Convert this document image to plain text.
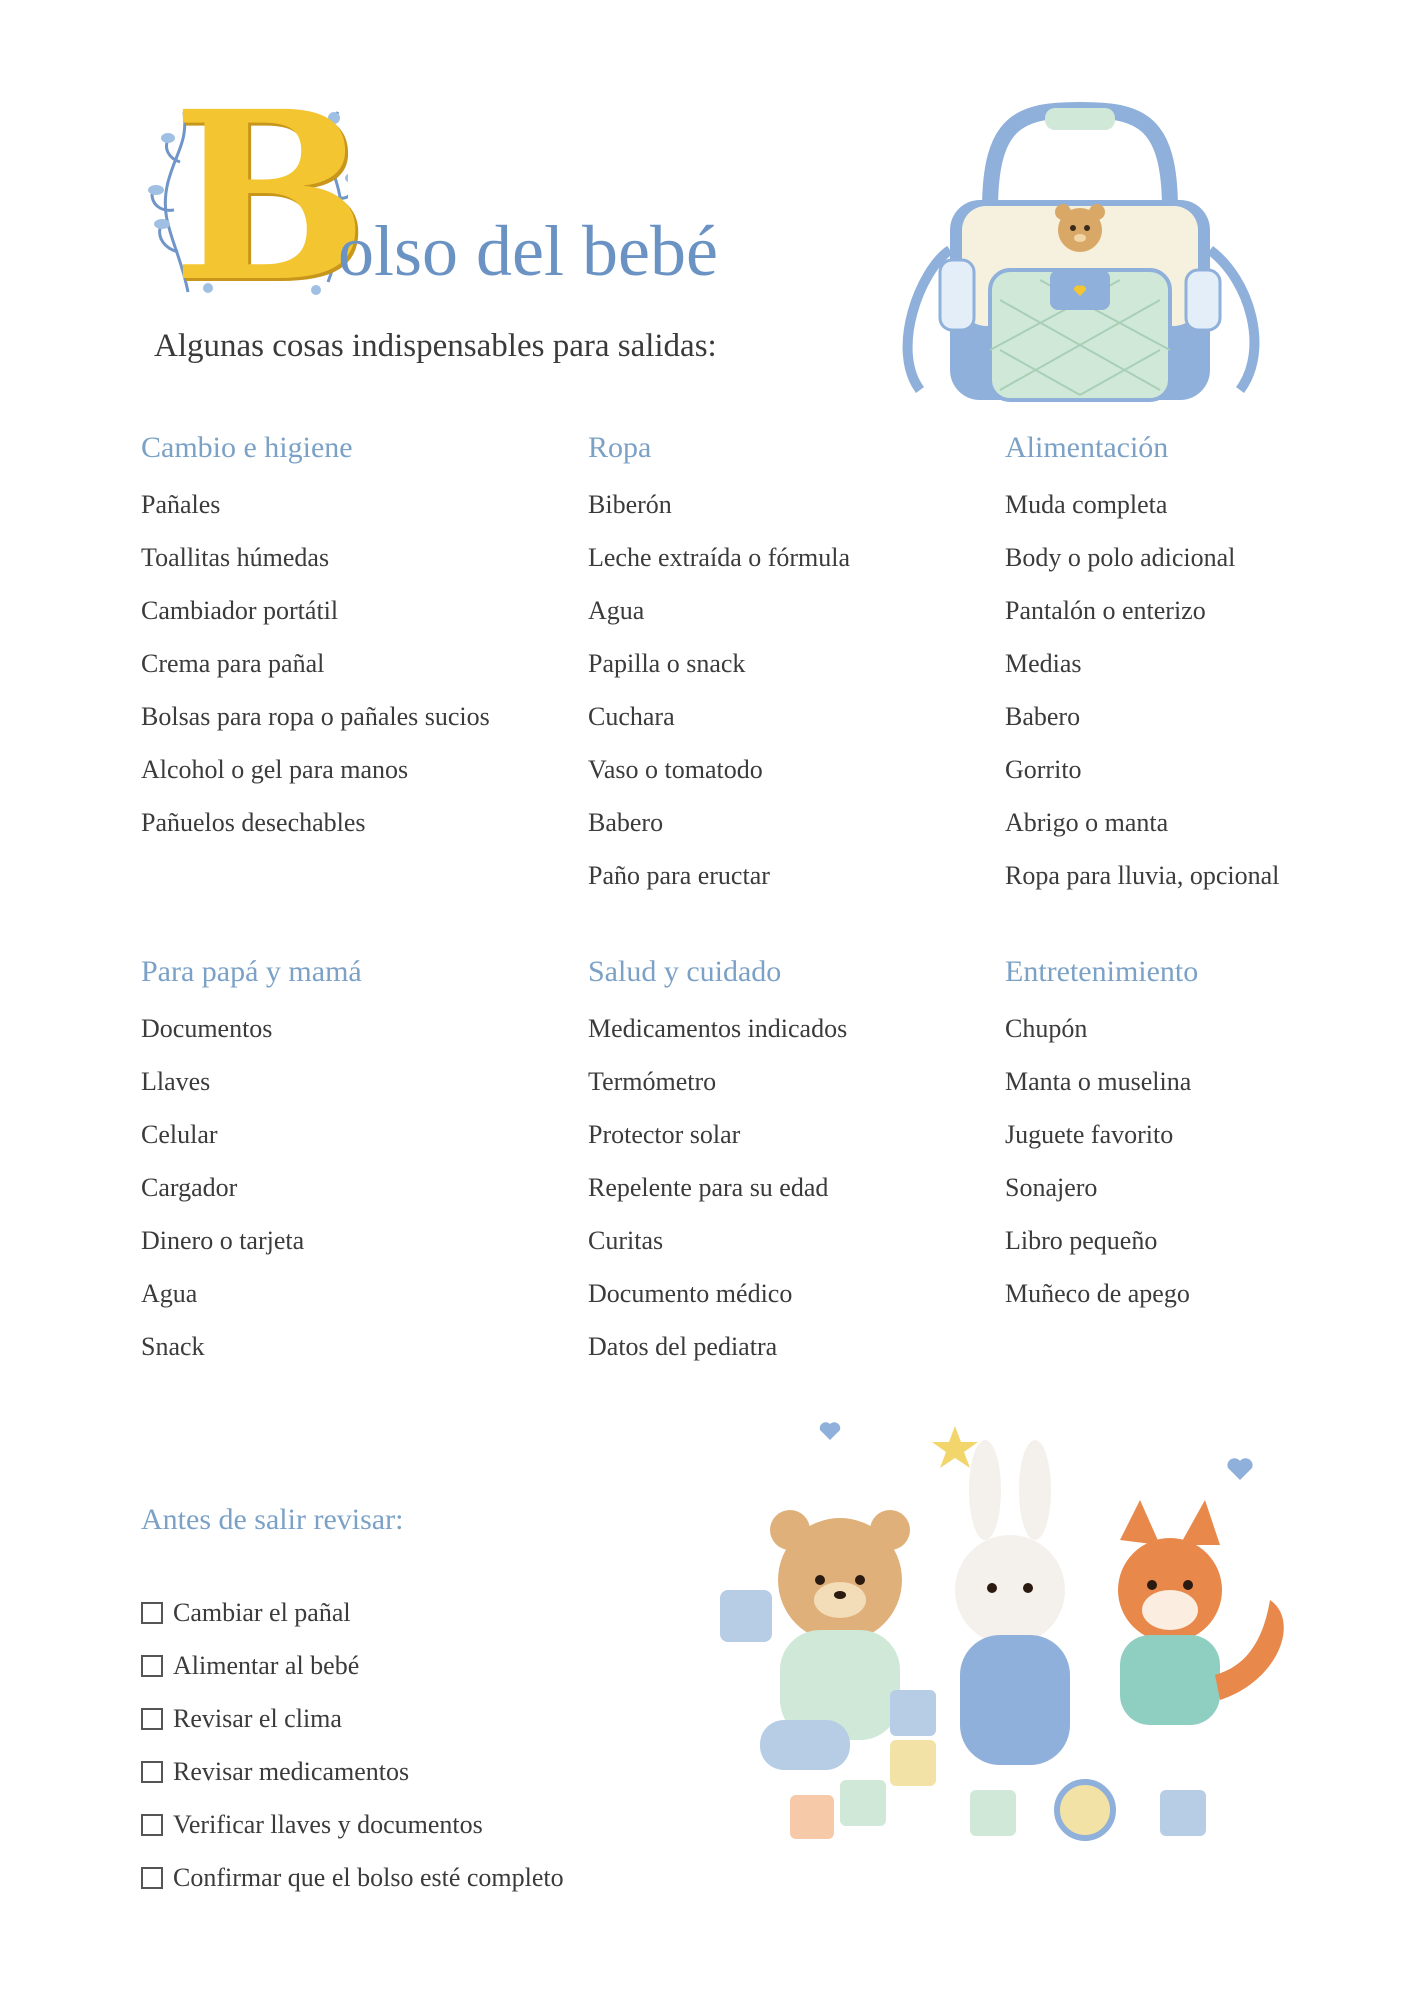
B
olso del bebé
Algunas cosas indispensables para salidas:
Cambio e higiene
Pañales
Toallitas húmedas
Cambiador portátil
Crema para pañal
Bolsas para ropa o pañales sucios
Alcohol o gel para manos
Pañuelos desechables
Ropa
Biberón
Leche extraída o fórmula
Agua
Papilla o snack
Cuchara
Vaso o tomatodo
Babero
Paño para eructar
Alimentación
Muda completa
Body o polo adicional
Pantalón o enterizo
Medias
Babero
Gorrito
Abrigo o manta
Ropa para lluvia, opcional
Para papá y mamá
Documentos
Llaves
Celular
Cargador
Dinero o tarjeta
Agua
Snack
Salud y cuidado
Medicamentos indicados
Termómetro
Protector solar
Repelente para su edad
Curitas
Documento médico
Datos del pediatra
Entretenimiento
Chupón
Manta o muselina
Juguete favorito
Sonajero
Libro pequeño
Muñeco de apego
Antes de salir revisar:
Cambiar el pañal
Alimentar al bebé
Revisar el clima
Revisar medicamentos
Verificar llaves y documentos
Confirmar que el bolso esté completo
